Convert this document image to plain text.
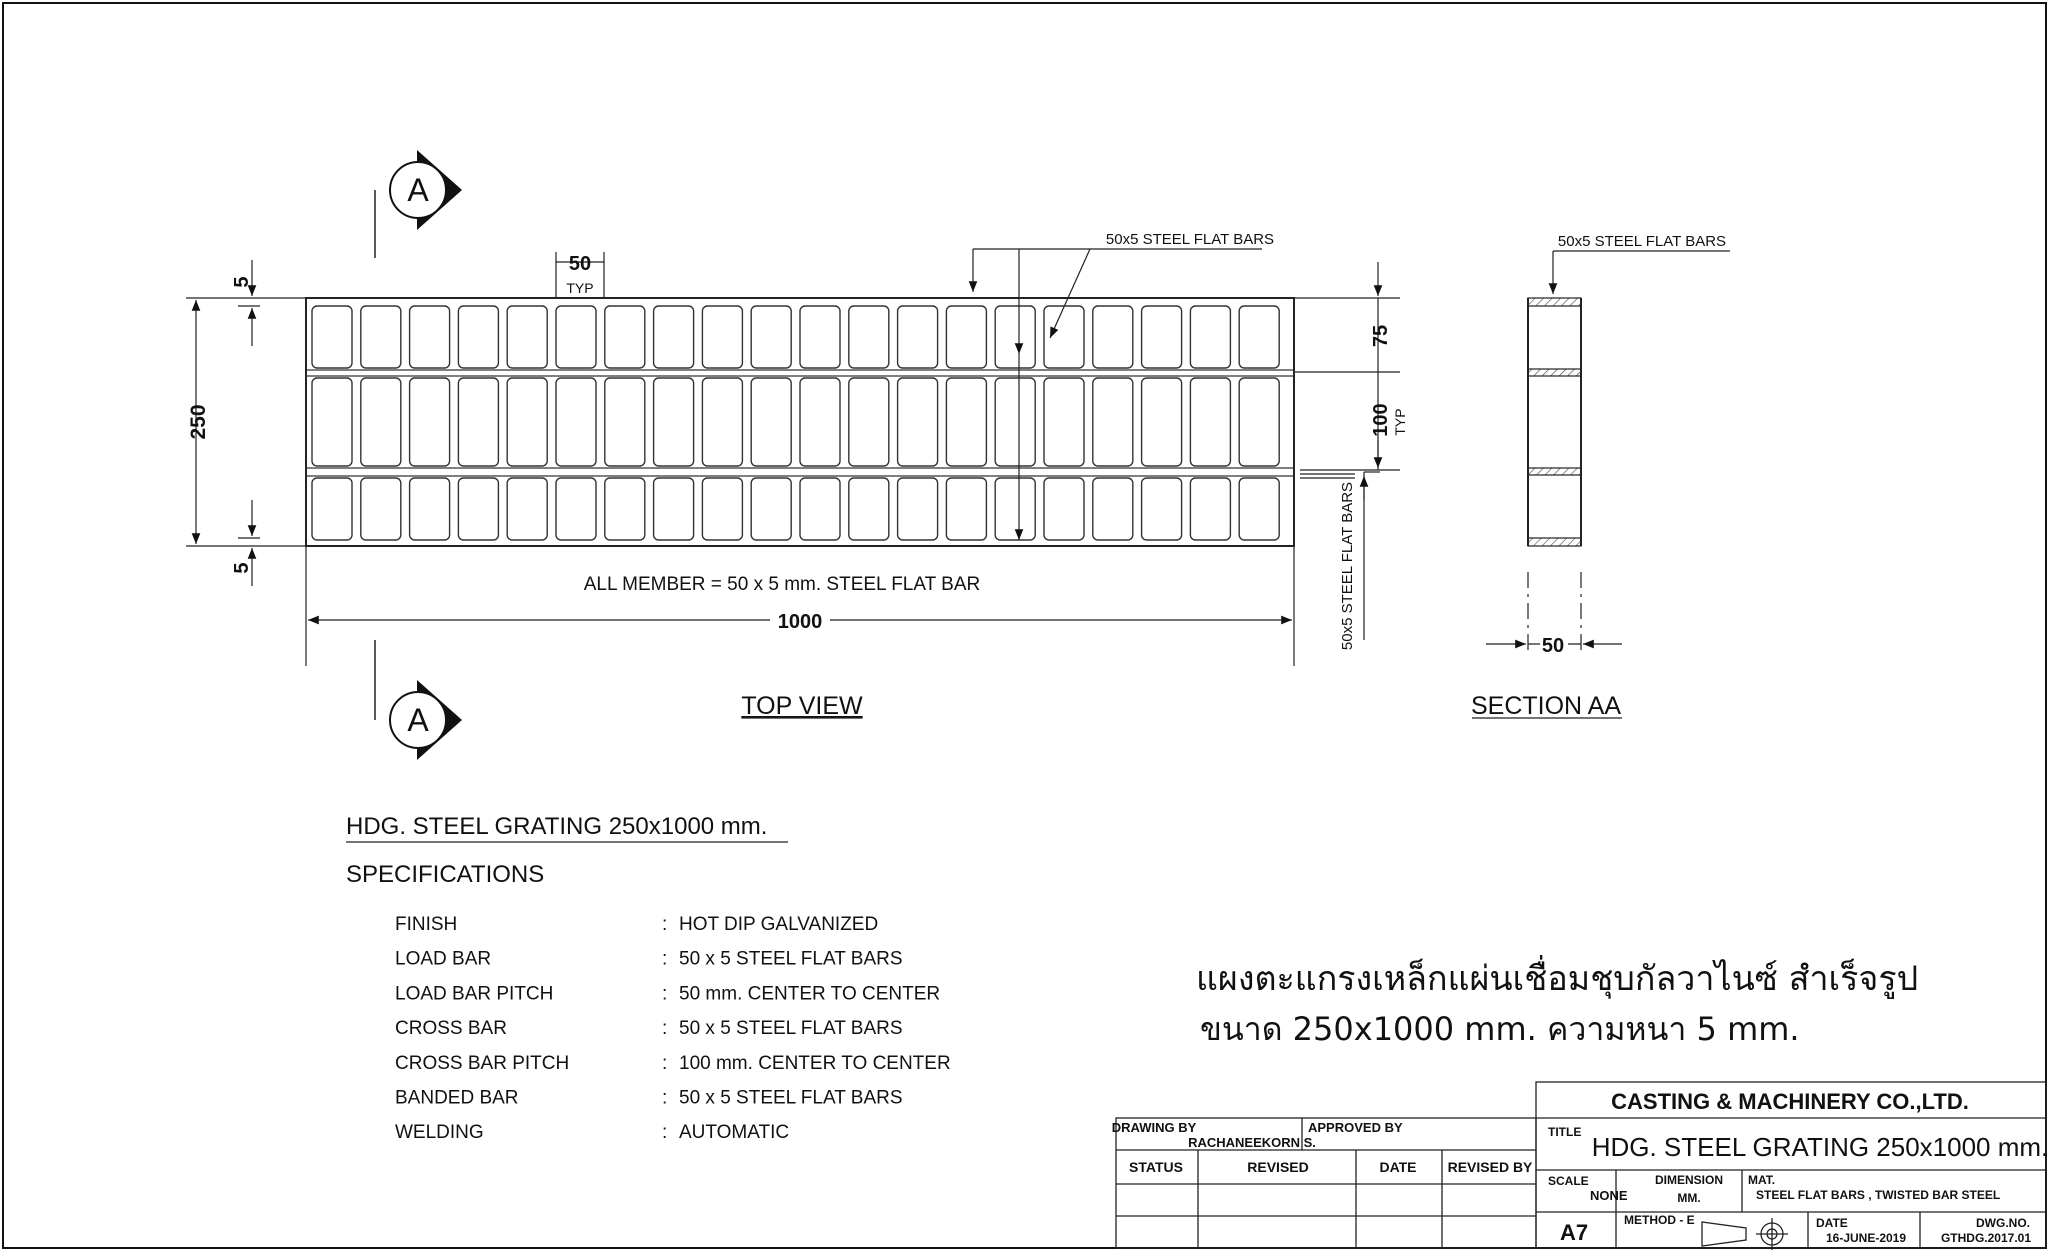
A
A
250
5
5
50
TYP
50x5 STEEL FLAT BARS
75
100 TYP
50x5 STEEL FLAT BARS
ALL MEMBER = 50 x 5 mm. STEEL FLAT BAR
1000
TOP VIEW
50
50x5 STEEL FLAT BARS
SECTION AA
HDG. STEEL GRATING 250x1000 mm.
SPECIFICATIONS
FINISH	: HOT DIP GALVANIZED
LOAD BAR	: 50 x 5 STEEL FLAT BARS
LOAD BAR PITCH	: 50 mm. CENTER TO CENTER
CROSS BAR	: 50 x 5 STEEL FLAT BARS
CROSS BAR PITCH	: 100 mm. CENTER TO CENTER
BANDED BAR	: 50 x 5 STEEL FLAT BARS
WELDING	: AUTOMATIC
แผงตะแกรงเหล็กแผ่นเชื่อมชุบกัลวาไนซ์ สำเร็จรูป
ขนาด 250x1000 mm. ความหนา 5 mm.
DRAWING BY
RACHANEEKORN S.
APPROVED BY
STATUS	REVISED	DATE REVISED BY
CASTING & MACHINERY CO.,LTD.
TITLE HDG. STEEL GRATING 250x1000 mm.
SCALE
NONE
DIMENSION
MM.
MAT.
STEEL FLAT BARS , TWISTED BAR STEEL
A7	METHOD - E	DATE
16-JUNE-2019
DWG.NO.
GTHDG.2017.01
